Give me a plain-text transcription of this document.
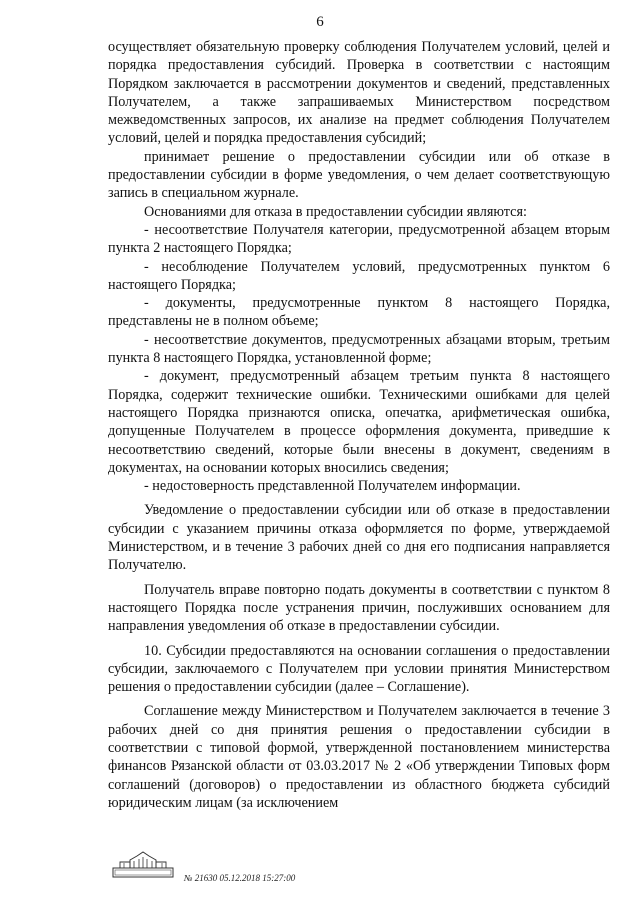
6

осуществляет обязательную проверку соблюдения Получателем условий, целей и порядка предоставления субсидий. Проверка в соответствии с настоящим Порядком заключается в рассмотрении документов и сведений, представленных Получателем, а также запрашиваемых Министерством посредством межведомственных запросов, их анализе на предмет соблюдения Получателем условий, целей и порядка предоставления субсидий;

принимает решение о предоставлении субсидии или об отказе в предоставлении субсидии в форме уведомления, о чем делает соответствующую запись в специальном журнале.

Основаниями для отказа в предоставлении субсидии являются:

- несоответствие Получателя категории, предусмотренной абзацем вторым пункта 2 настоящего Порядка;

- несоблюдение Получателем условий, предусмотренных пунктом 6 настоящего Порядка;

- документы, предусмотренные пунктом 8 настоящего Порядка, представлены не в полном объеме;

- несоответствие документов, предусмотренных абзацами вторым, третьим пункта 8 настоящего Порядка, установленной форме;

- документ, предусмотренный абзацем третьим пункта 8 настоящего Порядка, содержит технические ошибки. Техническими ошибками для целей настоящего Порядка признаются описка, опечатка, арифметическая ошибка, допущенные Получателем в процессе оформления документа, приведшие к несоответствию сведений, которые были внесены в документ, сведениям в документах, на основании которых вносились сведения;

- недостоверность представленной Получателем информации.

Уведомление о предоставлении субсидии или об отказе в предоставлении субсидии с указанием причины отказа оформляется по форме, утверждаемой Министерством, и в течение 3 рабочих дней со дня его подписания направляется Получателю.

Получатель вправе повторно подать документы в соответствии с пунктом 8 настоящего Порядка после устранения причин, послуживших основанием для направления уведомления об отказе в предоставлении субсидии.

10. Субсидии предоставляются на основании соглашения о предоставлении субсидии, заключаемого с Получателем при условии принятия Министерством решения о предоставлении субсидии (далее – Соглашение).

Соглашение между Министерством и Получателем заключается в течение 3 рабочих дней со дня принятия решения о предоставлении субсидии в соответствии с типовой формой, утвержденной постановлением министерства финансов Рязанской области от 03.03.2017 № 2 «Об утверждении Типовых форм соглашений (договоров) о предоставлении из областного бюджета субсидий юридическим лицам (за исключением

№ 21630 05.12.2018 15:27:00
